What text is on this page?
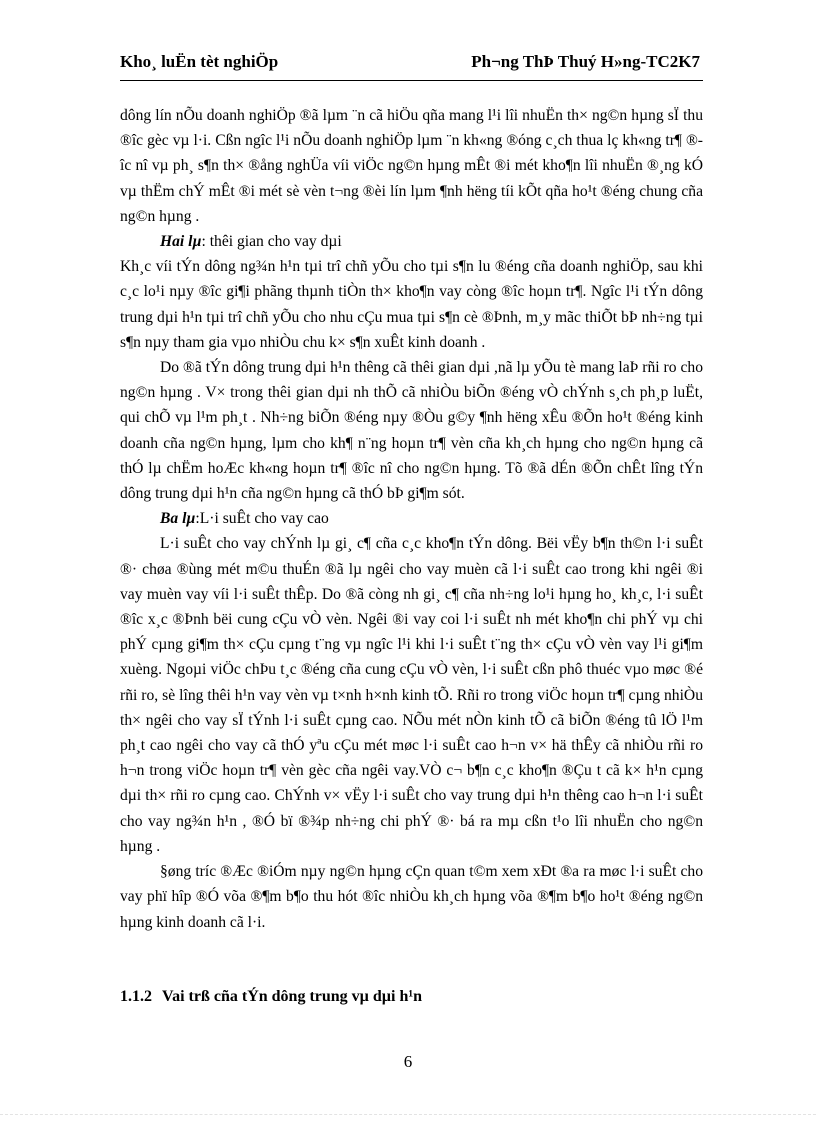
Kho¸ luËn tèt nghiÖp	Ph¬ng ThÞ Thuý H»ng-TC2K7

dông lín nÕu doanh nghiÖp ®ã lµm ¨n cã hiÖu qña mang l¹i lîi nhuËn th× ng©n hµng sÏ thu ®îc gèc vµ l·i. Cßn ngîc l¹i nÕu doanh nghiÖp lµm ¨n kh«ng ®óng c¸ch thua lç kh«ng tr¶ ®îc nî vµ ph¸ s¶n th× ®ång nghÜa víi viÖc ng©n hµng mÊt ®i mét kho¶n lîi nhuËn ®¸ng kÓ vµ thËm chÝ mÊt ®i mét sè vèn t¬ng ®èi lín lµm ¶nh hëng tíi kÕt qña ho¹t ®éng chung cña ng©n hµng .

Hai lµ: thêi gian cho vay dµi

Kh¸c víi tÝn dông ng¾n h¹n tµi trî chñ yÕu cho tµi s¶n lu ®éng cña doanh nghiÖp, sau khi c¸c lo¹i nµy ®îc gi¶i phãng thµnh tiÒn th× kho¶n vay còng ®îc hoµn tr¶. Ngîc l¹i tÝn dông trung dµi h¹n tµi trî chñ yÕu cho nhu cÇu mua tµi s¶n cè ®Þnh, m¸y mãc thiÕt bÞ nh÷ng tµi s¶n nµy tham gia vµo nhiÒu chu k× s¶n xuÊt kinh doanh .

Do ®ã tÝn dông trung dµi h¹n thêng cã thêi gian dµi ,nã lµ yÕu tè mang laÞ rñi ro cho ng©n hµng . V× trong thêi gian dµi nh thÕ cã nhiÒu biÕn ®éng vÒ chÝnh s¸ch ph¸p luËt, qui chÕ vµ l¹m ph¸t . Nh÷ng biÕn ®éng nµy ®Òu g©y ¶nh hëng xÊu ®Õn ho¹t ®éng kinh doanh cña ng©n hµng, lµm cho kh¶ n¨ng hoµn tr¶ vèn cña kh¸ch hµng cho ng©n hµng cã thÓ lµ chËm hoÆc kh«ng hoµn tr¶ ®îc nî cho ng©n hµng. Tõ ®ã dÉn ®Õn chÊt lîng tÝn dông trung dµi h¹n cña ng©n hµng cã thÓ bÞ gi¶m sót.

Ba lµ:L·i suÊt cho vay cao

L·i suÊt cho vay chÝnh lµ gi¸ c¶ cña c¸c kho¶n tÝn dông. Bëi vËy b¶n th©n l·i suÊt ®· chøa ®ùng mét m©u thuÉn ®ã lµ ngêi cho vay muèn cã l·i suÊt cao trong khi ngêi ®i vay muèn vay víi l·i suÊt thÊp. Do ®ã còng nh gi¸ c¶ cña nh÷ng lo¹i hµng ho¸ kh¸c, l·i suÊt ®îc x¸c ®Þnh bëi cung cÇu vÒ vèn. Ngêi ®i vay coi l·i suÊt nh mét kho¶n chi phÝ vµ chi phÝ cµng gi¶m th× cÇu cµng t¨ng vµ ngîc l¹i khi l·i suÊt t¨ng th× cÇu vÒ vèn vay l¹i gi¶m xuèng. Ngoµi viÖc chÞu t¸c ®éng cña cung cÇu vÒ vèn, l·i suÊt cßn phô thuéc vµo møc ®é rñi ro, sè lîng thêi h¹n vay vèn vµ t×nh h×nh kinh tÕ. Rñi ro trong viÖc hoµn tr¶ cµng nhiÒu th× ngêi cho vay sÏ tÝnh l·i suÊt cµng cao. NÕu mét nÒn kinh tÕ cã biÕn ®éng tû lÖ l¹m ph¸t cao ngêi cho vay cã thÓ yªu cÇu mét møc l·i suÊt cao h¬n v× hä thÊy cã nhiÒu rñi ro h¬n trong viÖc hoµn tr¶ vèn gèc cña ngêi vay.VÒ c¬ b¶n c¸c kho¶n ®Çu t cã k× h¹n cµng dµi th× rñi ro cµng cao. ChÝnh v× vËy l·i suÊt cho vay trung dµi h¹n thêng cao h¬n l·i suÊt cho vay ng¾n h¹n , ®Ó bï ®¾p nh÷ng chi phÝ ®· bá ra mµ cßn t¹o lîi nhuËn cho ng©n hµng .

§øng tríc ®Æc ®iÓm nµy ng©n hµng cÇn quan t©m xem xÐt ®a ra møc l·i suÊt cho vay phï hîp ®Ó võa ®¶m b¶o thu hót ®îc nhiÒu kh¸ch hµng võa ®¶m b¶o ho¹t ®éng ng©n hµng kinh doanh cã l·i.

1.1.2 Vai trß cña tÝn dông trung vµ dµi h¹n
6
